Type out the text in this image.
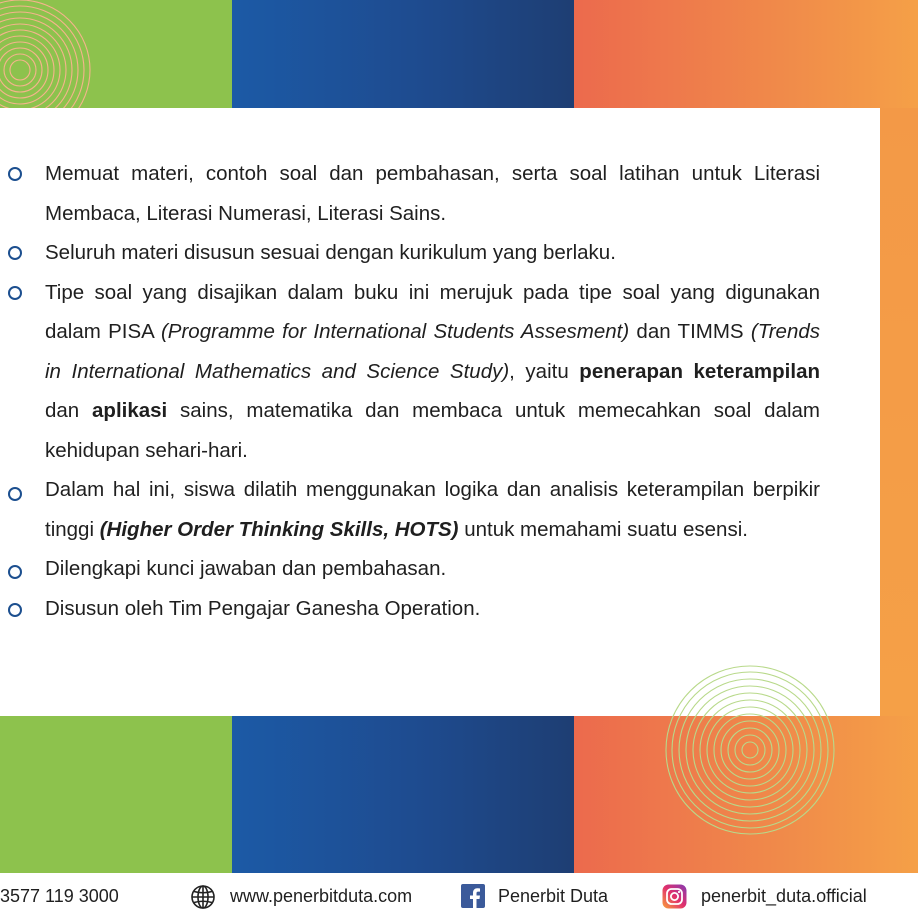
Memuat materi, contoh soal dan pembahasan, serta soal latihan untuk Literasi Membaca, Literasi Numerasi, Literasi Sains.

Seluruh materi disusun sesuai dengan kurikulum yang berlaku.

Tipe soal yang disajikan dalam buku ini merujuk pada tipe soal yang digunakan dalam PISA (Programme for International Students Assesment) dan TIMMS (Trends in International Mathematics and Science Study), yaitu penerapan keterampilan dan aplikasi sains, matematika dan membaca untuk memecahkan soal dalam kehidupan sehari-hari.

Dalam hal ini, siswa dilatih menggunakan logika dan analisis keterampilan berpikir tinggi (Higher Order Thinking Skills, HOTS) untuk memahami suatu esensi.

Dilengkapi kunci jawaban dan pembahasan.

Disusun oleh Tim Pengajar Ganesha Operation.

3577 119 3000	www.penerbitduta.com	Penerbit Duta	penerbit_duta.official
